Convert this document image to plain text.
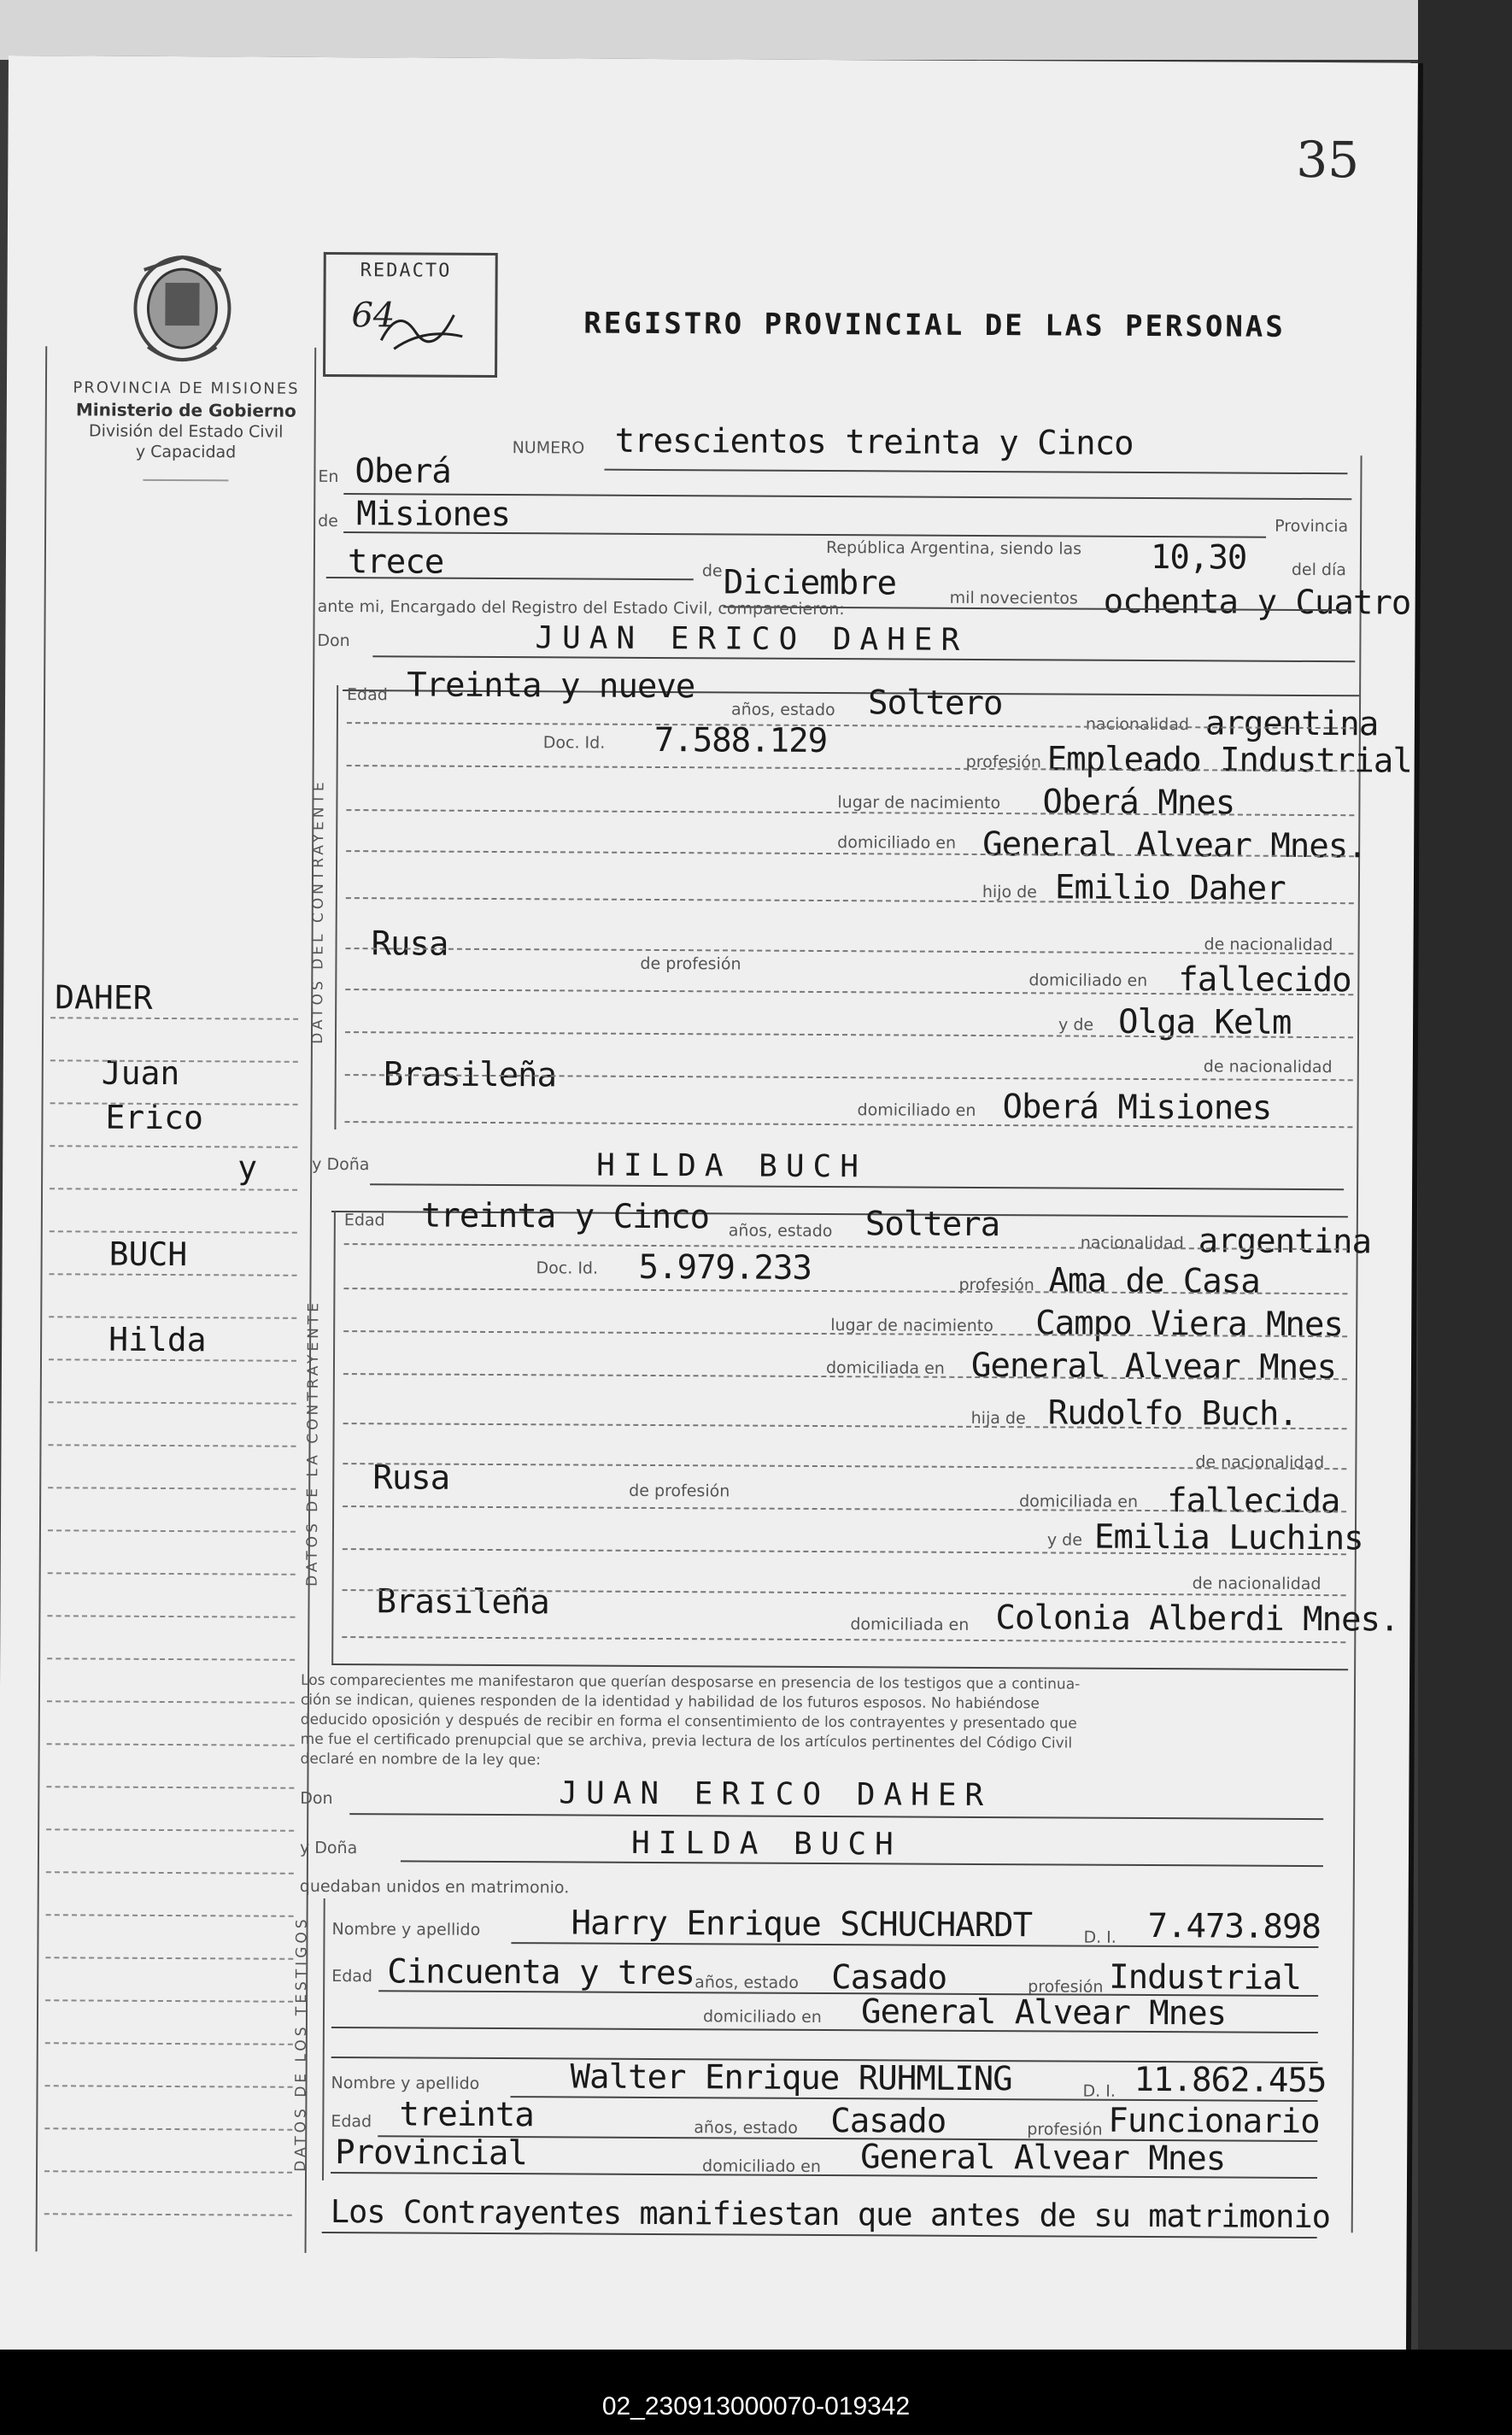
35
PROVINCIA DE MISIONES
Ministerio de Gobierno
División del Estado Civil
y Capacidad
REDACTO
64	REGISTRO PROVINCIAL DE LAS PERSONAS
DAHER
Juan
Erico
y
BUCH
Hilda
NUMERO trescientos treinta y Cinco
En Oberá
de Misiones	Provincia
trece	de Diciembre
República Argentina, siendo las 10,30	del día
mil novecientos ochenta y Cuatro
ante mi, Encargado del Registro del Estado Civil, comparecieron:
Don	JUAN ERICO DAHER
DATOS DEL CONTRAYENTE
Edad Treinta y nueve
años, estado Soltero
nacionalidad argentina
Doc. Id. 7.588.129
profesión Empleado Industrial
lugar de nacimiento Oberá Mnes
domiciliado en General Alvear Mnes.
hijo de Emilio Daher
de nacionalidad
Rusa
de profesión
domiciliado en fallecido
y de Olga Kelm
de nacionalidad
Brasileña
domiciliado en Oberá Misiones
y Doña	HILDA BUCH
DATOS DE LA CONTRAYENTE
Edad treinta y Cinco años, estado Soltera	nacionalidad argentina
Doc. Id. 5.979.233	profesión Ama de Casa
lugar de nacimiento Campo Viera Mnes
domiciliada en General Alvear Mnes
hija de Rudolfo Buch.
de nacionalidad
Rusa	de profesión
domiciliada en fallecida
y de Emilia Luchins
de nacionalidad
Brasileña
domiciliada en Colonia Alberdi Mnes.
Los comparecientes me manifestaron que querían desposarse en presencia de los testigos que a continua-
ción se indican, quienes responden de la identidad y habilidad de los futuros esposos. No habiéndose
deducido oposición y después de recibir en forma el consentimiento de los contrayentes y presentado que
me fue el certificado prenupcial que se archiva, previa lectura de los artículos pertinentes del Código Civil
declaré en nombre de la ley que:
Don	JUAN ERICO DAHER
y Doña	HILDA BUCH
quedaban unidos en matrimonio.
DATOS DE LOS TESTIGOS Nombre y apellido	Harry Enrique SCHUCHARDT	D. I. 7.473.898
Edad Cincuenta y tres años, estado Casado	profesión Industrial
domiciliado en General Alvear Mnes
Nombre y apellido	Walter Enrique RUHMLING	D. I. 11.862.455
Edad treinta	años, estado Casado	profesión Funcionario
Provincial	domiciliado en General Alvear Mnes
Los Contrayentes manifiestan que antes de su matrimonio
02_230913000070-019342
